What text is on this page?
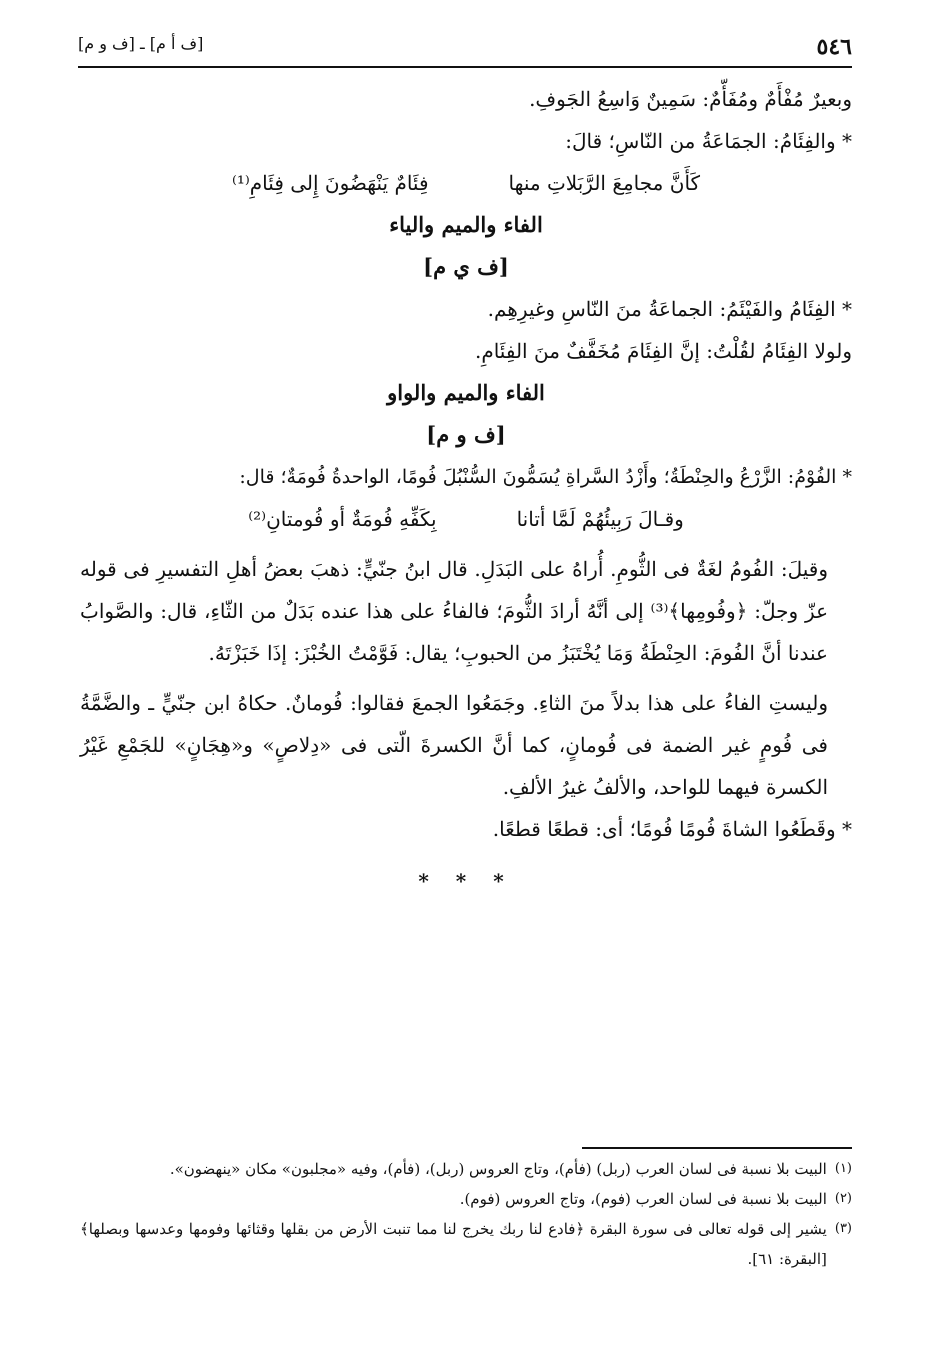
٥٤٦
[ف أ م] ـ [ف و م]
وبعيرٌ مُفْأَمٌ ومُفَأَّمٌ: سَمِينٌ وَاسِعُ الجَوفِ.
* والفِئَامُ: الجمَاعَةُ من النّاسِ؛ قالَ:
كَأَنَّ مجامِعَ الرَّبَلاتِ منها
فِئَامٌ يَنْهَضُونَ إِلى فِئَامِ⁽¹⁾
الفاء والميم والياء
[ف ي م]
* الفِئَامُ والفَيْئَمُ: الجماعَةُ منَ النّاسِ وغيرِهِم.
ولولا الفِئَامُ لقُلْتُ: إنَّ الفِئَامَ مُخَفَّفٌ منَ الفِئَامِ.
الفاء والميم والواو
[ف و م]
* الفُوْمُ: الزَّرْعُ والحِنْطَةُ؛ وأَزْدُ السَّراةِ يُسَمُّونَ السُّنْبُلَ فُومًا، الواحدةُ فُومَةٌ؛ قال:
وقـالَ رَبِيئُهُمْ لَمَّا أتانا
بِكَفِّهِ فُومَةٌ أو فُومتانِ⁽²⁾
وقيلَ: الفُومُ لغَةٌ فى الثُّومِ. أُراهُ على البَدَلِ. قال ابنُ جنّيٍّ: ذهبَ بعضُ أهلِ التفسيرِ فى قوله عزّ وجلّ: ﴿وفُومِها﴾⁽³⁾ إلى أنَّهُ أرادَ الثُّومَ؛ فالفاءُ على هذا عنده بَدَلٌ من الثّاءِ، قال: والصَّوابُ عندنا أنَّ الفُومَ: الحِنْطَةُ وَمَا يُخْتَبَزُ من الحبوبِ؛ يقال: فَوَّمْتُ الخُبْزَ: إذَا خَبَزْتَهُ.
وليستِ الفاءُ على هذا بدلاً منَ الثاءِ. وجَمَعُوا الجمعَ فقالوا: فُومانٌ. حكاهُ ابن جنّيٍّ ـ والضَّمَّةُ فى فُومٍ غير الضمة فى فُومانٍ، كما أنَّ الكسرةَ الّتى فى «دِلاصٍ» و«هِجَانٍ» للجَمْعِ غَيْرُ الكسرة فيهما للواحد، والألفُ غيرُ الألفِ.
* وقَطَعُوا الشاةَ فُومًا فُومًا؛ أى: قطعًا قطعًا.
* * *
(١)
البيت بلا نسبة فى لسان العرب (ربل) (فأم)، وتاج العروس (ربل)، (فأم)، وفيه «مجلبون» مكان «ينهضون».
(٢)
البيت بلا نسبة فى لسان العرب (فوم)، وتاج العروس (فوم).
(٣)
يشير إلى قوله تعالى فى سورة البقرة ﴿فادع لنا ربك يخرج لنا مما تنبت الأرض من بقلها وقثائها وفومها وعدسها وبصلها﴾ [البقرة: ٦١].
